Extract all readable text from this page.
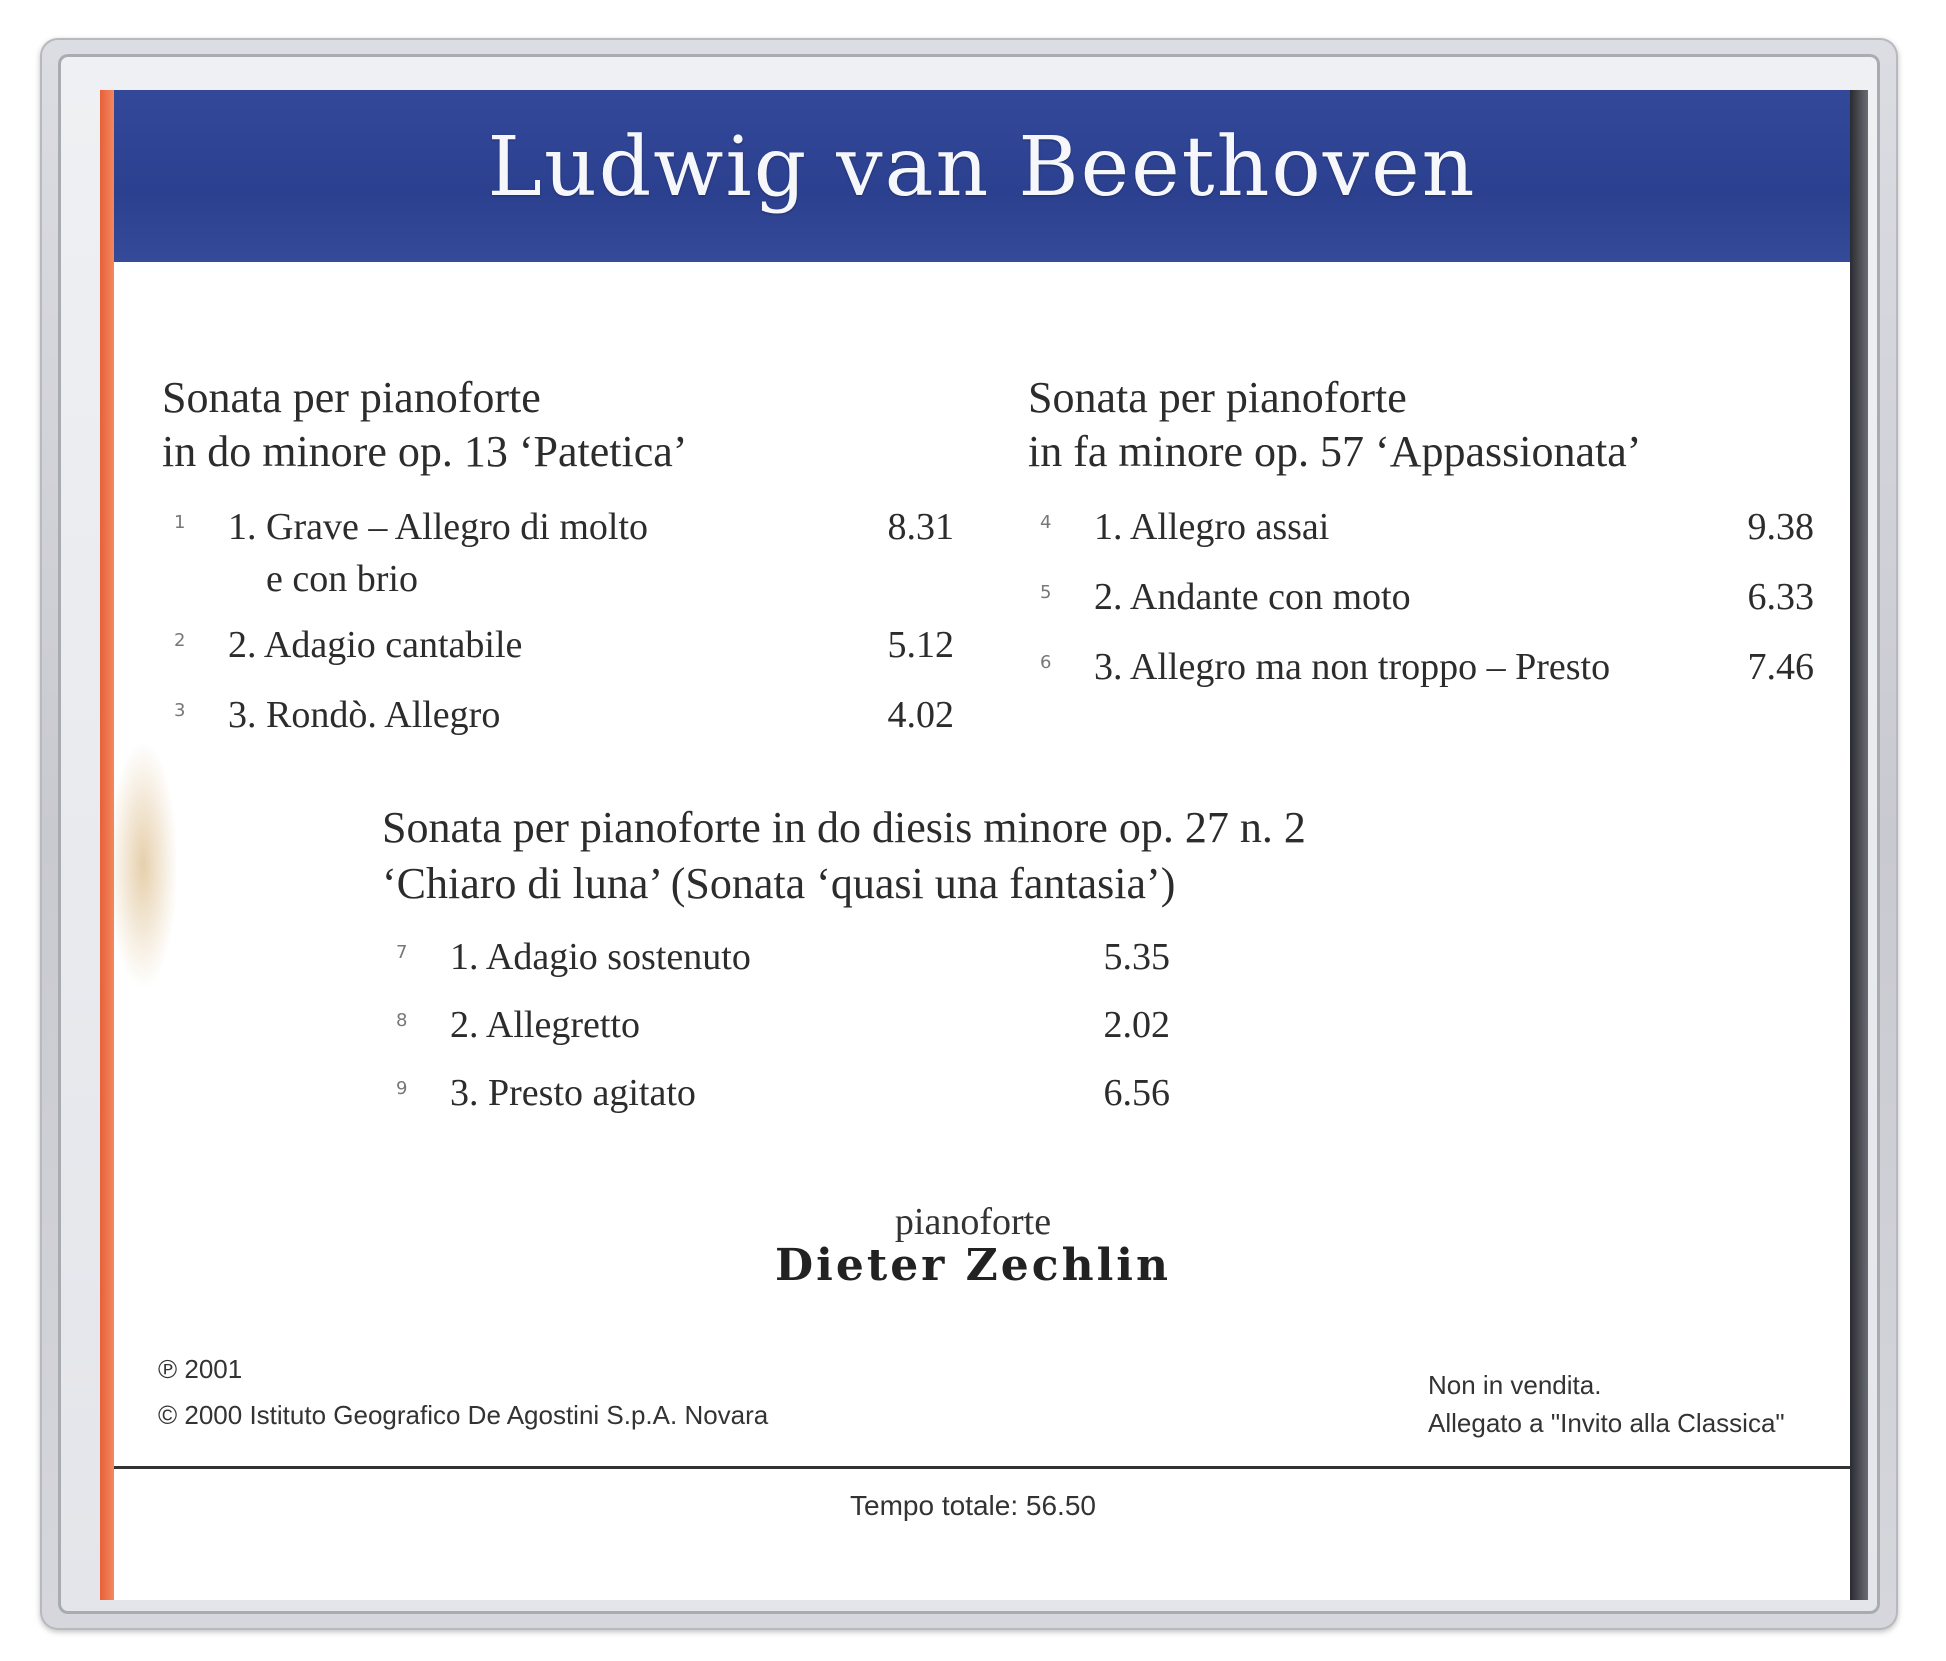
Ludwig van Beethoven
Sonata per pianoforte
in do minore op. 13 ‘Patetica’
1 1. Grave – Allegro di molto
e con brio
8.31
2 2. Adagio cantabile	5.12
3 3. Rondò. Allegro	4.02
Sonata per pianoforte
in fa minore op. 57 ‘Appassionata’
4 1. Allegro assai	9.38
5 2. Andante con moto	6.33
6 3. Allegro ma non troppo – Presto	7.46
Sonata per pianoforte in do diesis minore op. 27 n. 2
‘Chiaro di luna’ (Sonata ‘quasi una fantasia’)
7 1. Adagio sostenuto	5.35
8 2. Allegretto	2.02
9 3. Presto agitato	6.56
pianoforte
Dieter Zechlin
℗ 2001
© 2000 Istituto Geografico De Agostini S.p.A. Novara
Non in vendita.
Allegato a "Invito alla Classica"
Tempo totale: 56.50
